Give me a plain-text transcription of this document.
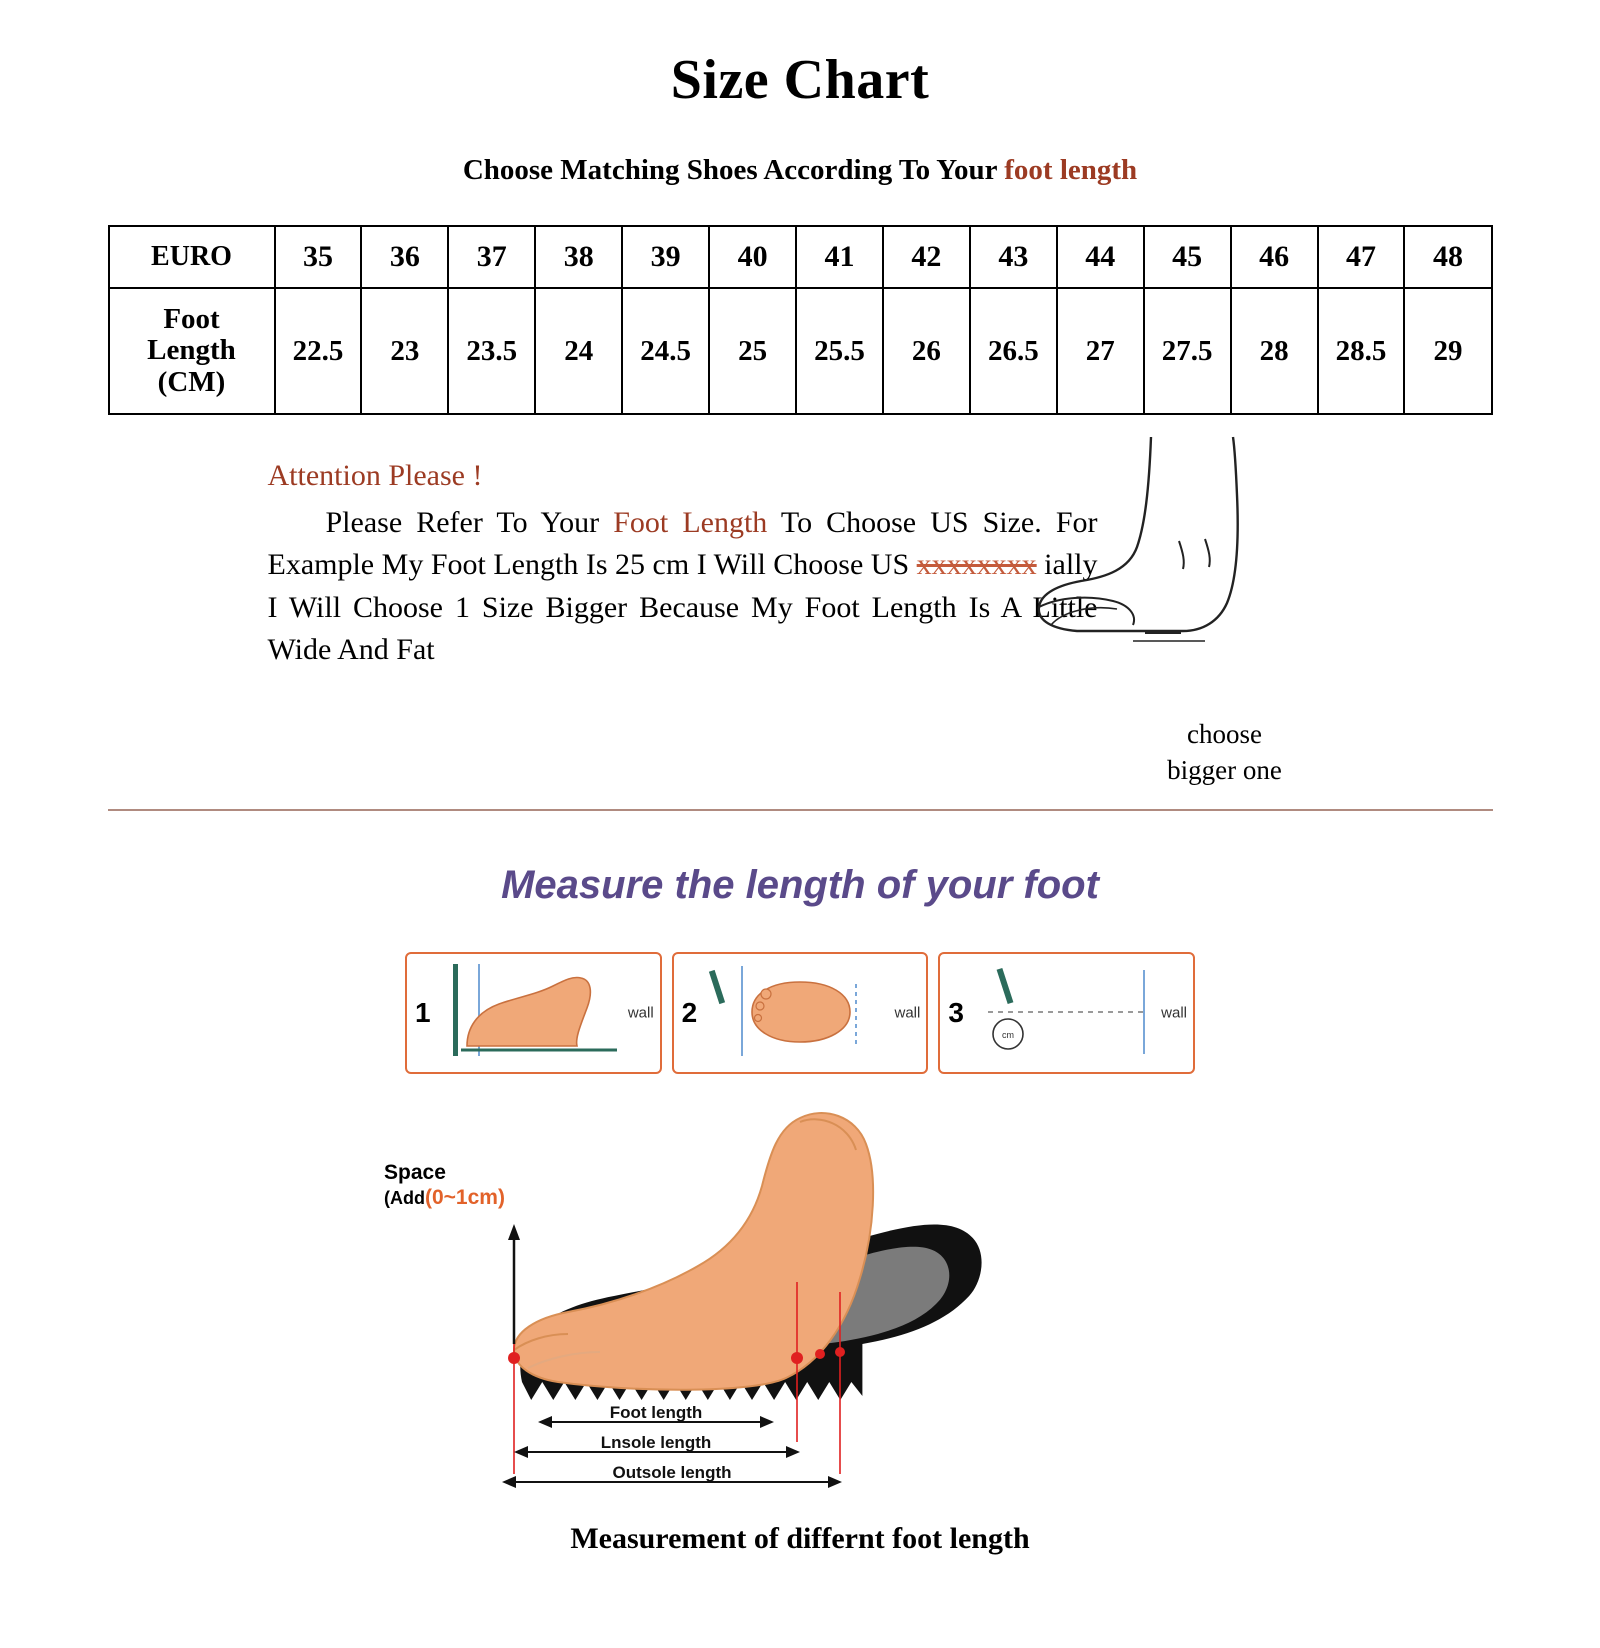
Size Chart
Choose Matching Shoes According To Your foot length
EURO	35	36	37	38	39	40	41	42	43	44	45	46	47	48

Foot
Length
(CM)	22.5	23	23.5	24	24.5	25	25.5	26	26.5	27	27.5	28	28.5	29
Attention Please !
Please Refer To Your Foot Length To Choose US Size. For Example My Foot Length Is 25 cm I Will Choose US xxxxxxxx ially I Will Choose 1 Size Bigger Because My Foot Length Is A Little Wide And Fat
choose
bigger one
Measure the length of your foot
1	wall 2	wall 3
cm
wall
Foot length
Lnsole length
Outsole length
Space
(Add(0~1cm)
Measurement of differnt foot length
